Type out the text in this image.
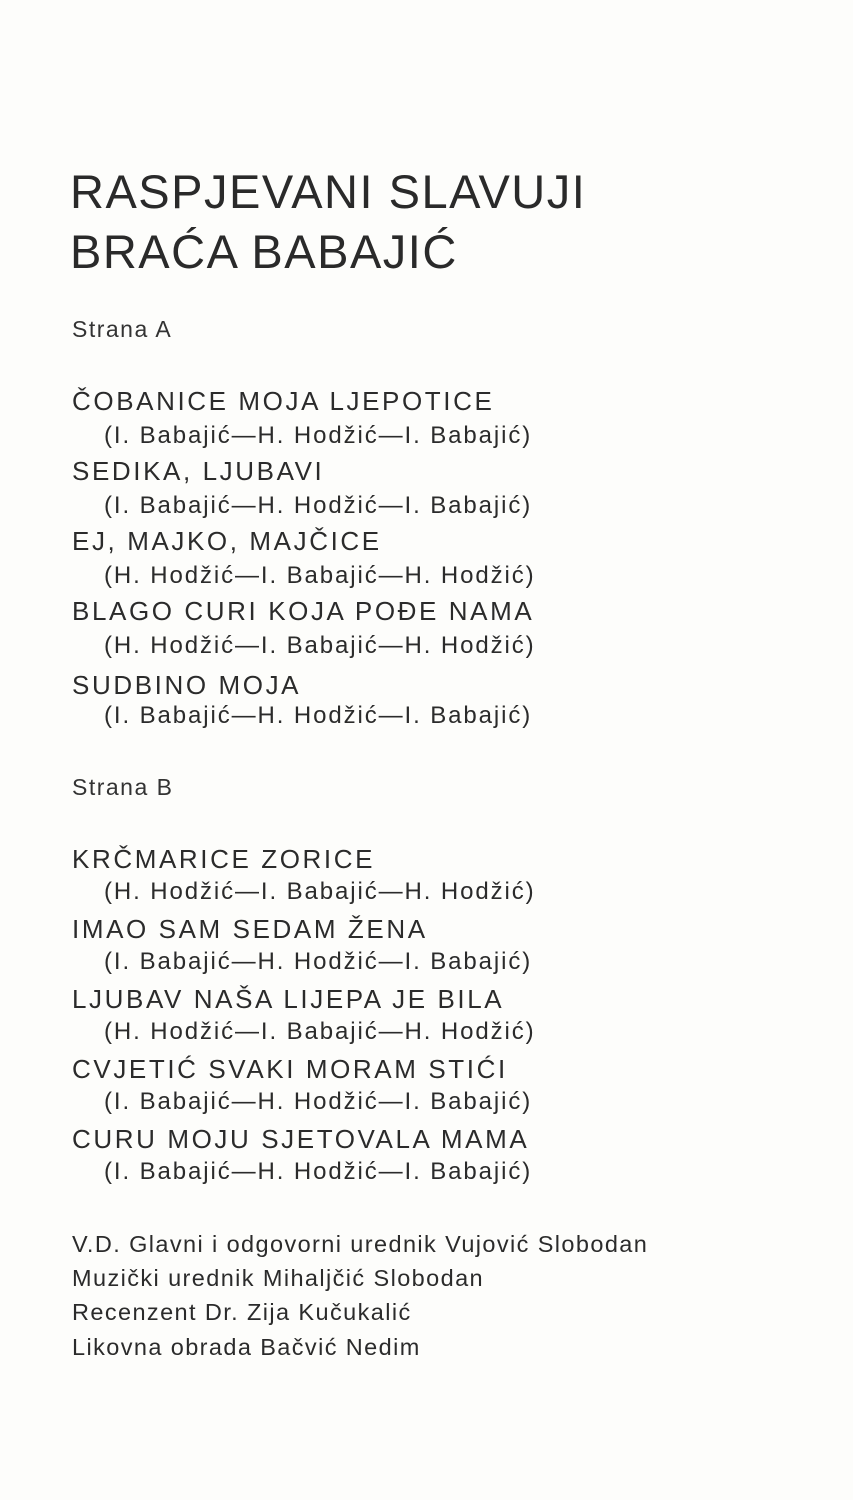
RASPJEVANI SLAVUJI
BRAĆA BABAJIĆ
Strana A
ČOBANICE MOJA LJEPOTICE
(I. Babajić—H. Hodžić—I. Babajić)
SEDIKA, LJUBAVI
(I. Babajić—H. Hodžić—I. Babajić)
EJ, MAJKO, MAJČICE
(H. Hodžić—I. Babajić—H. Hodžić)
BLAGO CURI KOJA POĐE NAMA
(H. Hodžić—I. Babajić—H. Hodžić)
SUDBINO MOJA
(I. Babajić—H. Hodžić—I. Babajić)
Strana B
KRČMARICE ZORICE
(H. Hodžić—I. Babajić—H. Hodžić)
IMAO SAM SEDAM ŽENA
(I. Babajić—H. Hodžić—I. Babajić)
LJUBAV NAŠA LIJEPA JE BILA
(H. Hodžić—I. Babajić—H. Hodžić)
CVJETIĆ SVAKI MORAM STIĆI
(I. Babajić—H. Hodžić—I. Babajić)
CURU MOJU SJETOVALA MAMA
(I. Babajić—H. Hodžić—I. Babajić)
V.D. Glavni i odgovorni urednik Vujović Slobodan
Muzički urednik Mihaljčić Slobodan
Recenzent Dr. Zija Kučukalić
Likovna obrada Bačvić Nedim
